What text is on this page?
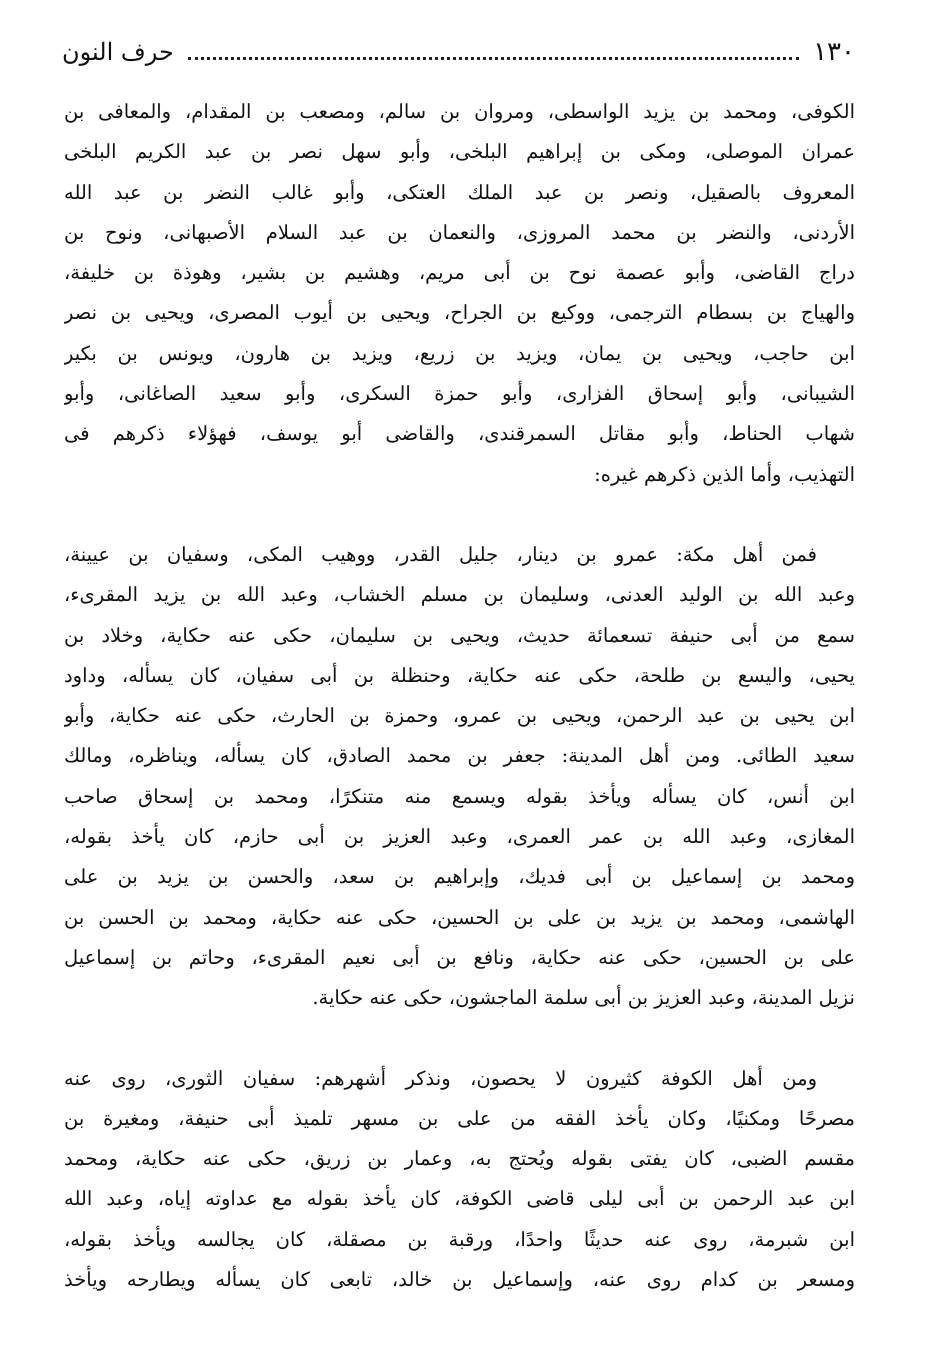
١٣٠
حرف النون
الكوفى، ومحمد بن يزيد الواسطى، ومروان بن سالم، ومصعب بن المقدام، والمعافى بن
عمران الموصلى، ومكى بن إبراهيم البلخى، وأبو سهل نصر بن عبد الكريم البلخى
المعروف بالصقيل، ونصر بن عبد الملك العتكى، وأبو غالب النضر بن عبد الله
الأردنى، والنضر بن محمد المروزى، والنعمان بن عبد السلام الأصبهانى، ونوح بن
دراج القاضى، وأبو عصمة نوح بن أبى مريم، وهشيم بن بشير، وهوذة بن خليفة،
والهياج بن بسطام الترجمى، ووكيع بن الجراح، ويحيى بن أيوب المصرى، ويحيى بن نصر
ابن حاجب، ويحيى بن يمان، ويزيد بن زريع، ويزيد بن هارون، ويونس بن بكير
الشيبانى، وأبو إسحاق الفزارى، وأبو حمزة السكرى، وأبو سعيد الصاغانى، وأبو
شهاب الحناط، وأبو مقاتل السمرقندى، والقاضى أبو يوسف، فهؤلاء ذكرهم فى
التهذيب، وأما الذين ذكرهم غيره:
فمن أهل مكة: عمرو بن دينار، جليل القدر، ووهيب المكى، وسفيان بن عيينة،
وعبد الله بن الوليد العدنى، وسليمان بن مسلم الخشاب، وعبد الله بن يزيد المقرىء،
سمع من أبى حنيفة تسعمائة حديث، ويحيى بن سليمان، حكى عنه حكاية، وخلاد بن
يحيى، واليسع بن طلحة، حكى عنه حكاية، وحنظلة بن أبى سفيان، كان يسأله، وداود
ابن يحيى بن عبد الرحمن، ويحيى بن عمرو، وحمزة بن الحارث، حكى عنه حكاية، وأبو
سعيد الطائى. ومن أهل المدينة: جعفر بن محمد الصادق، كان يسأله، ويناظره، ومالك
ابن أنس، كان يسأله ويأخذ بقوله ويسمع منه متنكرًا، ومحمد بن إسحاق صاحب
المغازى، وعبد الله بن عمر العمرى، وعبد العزيز بن أبى حازم، كان يأخذ بقوله،
ومحمد بن إسماعيل بن أبى فديك، وإبراهيم بن سعد، والحسن بن يزيد بن على
الهاشمى، ومحمد بن يزيد بن على بن الحسين، حكى عنه حكاية، ومحمد بن الحسن بن
على بن الحسين، حكى عنه حكاية، ونافع بن أبى نعيم المقرىء، وحاتم بن إسماعيل
نزيل المدينة، وعبد العزيز بن أبى سلمة الماجشون، حكى عنه حكاية.
ومن أهل الكوفة كثيرون لا يحصون، ونذكر أشهرهم: سفيان الثورى، روى عنه
مصرحًا ومكنيًا، وكان يأخذ الفقه من على بن مسهر تلميذ أبى حنيفة، ومغيرة بن
مقسم الضبى، كان يفتى بقوله ويُحتج به، وعمار بن زريق، حكى عنه حكاية، ومحمد
ابن عبد الرحمن بن أبى ليلى قاضى الكوفة، كان يأخذ بقوله مع عداوته إياه، وعبد الله
ابن شبرمة، روى عنه حديثًا واحدًا، ورقبة بن مصقلة، كان يجالسه ويأخذ بقوله،
ومسعر بن كدام روى عنه، وإسماعيل بن خالد، تابعى كان يسأله ويطارحه ويأخذ
